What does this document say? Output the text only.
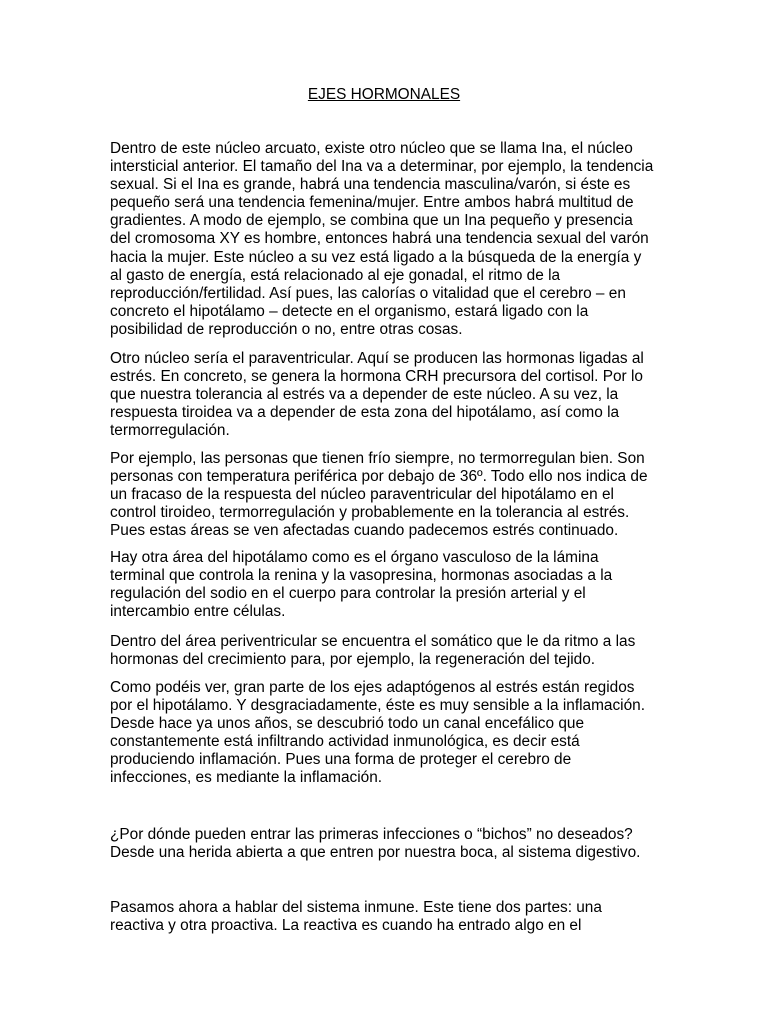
EJES HORMONALES
Dentro de este núcleo arcuato, existe otro núcleo que se llama Ina, el núcleo
intersticial anterior. El tamaño del Ina va a determinar, por ejemplo, la tendencia
sexual. Si el Ina es grande, habrá una tendencia masculina/varón, si éste es
pequeño será una tendencia femenina/mujer. Entre ambos habrá multitud de
gradientes. A modo de ejemplo, se combina que un Ina pequeño y presencia
del cromosoma XY es hombre, entonces habrá una tendencia sexual del varón
hacia la mujer. Este núcleo a su vez está ligado a la búsqueda de la energía y
al gasto de energía, está relacionado al eje gonadal, el ritmo de la
reproducción/fertilidad. Así pues, las calorías o vitalidad que el cerebro – en
concreto el hipotálamo – detecte en el organismo, estará ligado con la
posibilidad de reproducción o no, entre otras cosas.
Otro núcleo sería el paraventricular. Aquí se producen las hormonas ligadas al
estrés. En concreto, se genera la hormona CRH precursora del cortisol. Por lo
que nuestra tolerancia al estrés va a depender de este núcleo. A su vez, la
respuesta tiroidea va a depender de esta zona del hipotálamo, así como la
termorregulación.
Por ejemplo, las personas que tienen frío siempre, no termorregulan bien. Son
personas con temperatura periférica por debajo de 36º. Todo ello nos indica de
un fracaso de la respuesta del núcleo paraventricular del hipotálamo en el
control tiroideo, termorregulación y probablemente en la tolerancia al estrés.
Pues estas áreas se ven afectadas cuando padecemos estrés continuado.
Hay otra área del hipotálamo como es el órgano vasculoso de la lámina
terminal que controla la renina y la vasopresina, hormonas asociadas a la
regulación del sodio en el cuerpo para controlar la presión arterial y el
intercambio entre células.
Dentro del área periventricular se encuentra el somático que le da ritmo a las
hormonas del crecimiento para, por ejemplo, la regeneración del tejido.
Como podéis ver, gran parte de los ejes adaptógenos al estrés están regidos
por el hipotálamo. Y desgraciadamente, éste es muy sensible a la inflamación.
Desde hace ya unos años, se descubrió todo un canal encefálico que
constantemente está infiltrando actividad inmunológica, es decir está
produciendo inflamación. Pues una forma de proteger el cerebro de
infecciones, es mediante la inflamación.
¿Por dónde pueden entrar las primeras infecciones o “bichos” no deseados?
Desde una herida abierta a que entren por nuestra boca, al sistema digestivo.
Pasamos ahora a hablar del sistema inmune. Este tiene dos partes: una
reactiva y otra proactiva. La reactiva es cuando ha entrado algo en el
